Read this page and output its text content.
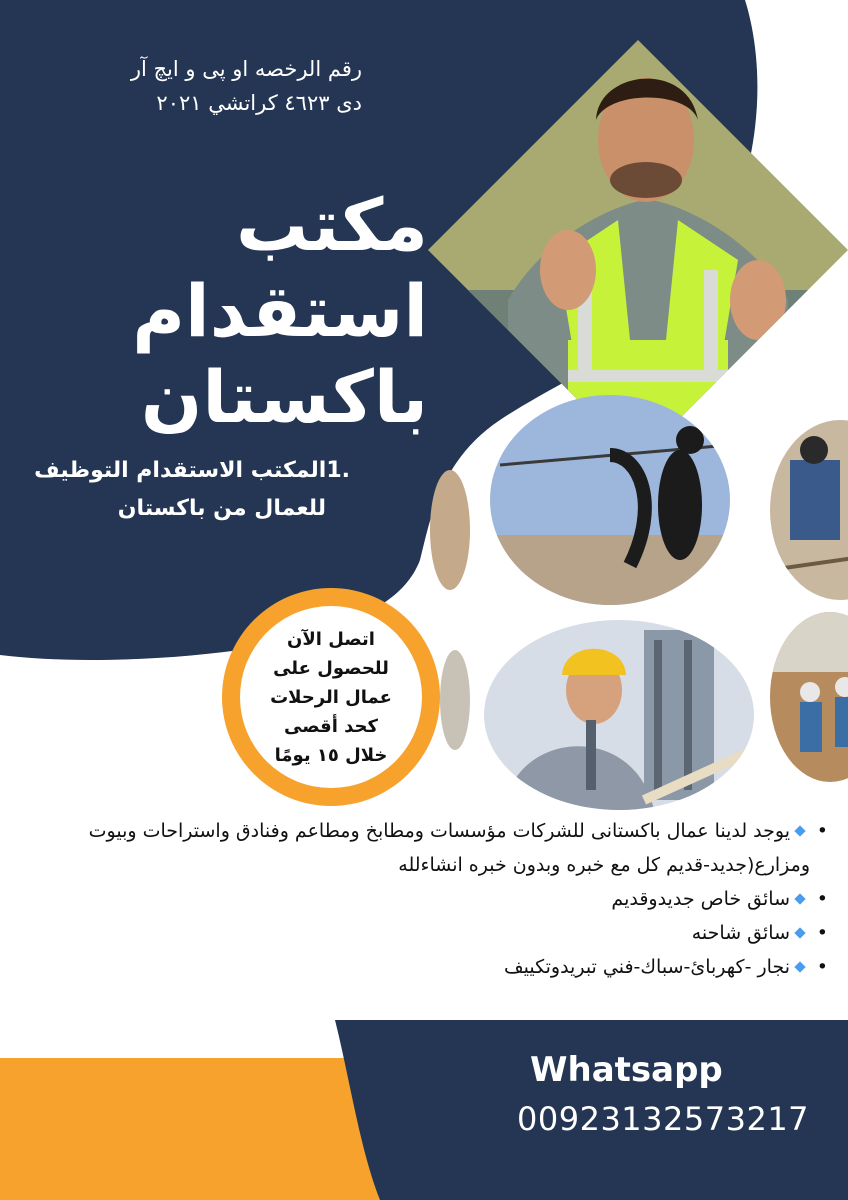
رقم الرخصه او پی و ایچ آر
دی ٤٦٢٣ كراتشي ٢٠٢١
مكتب
استقدام
باكستان
.1المكتب الاستقدام التوظيف
للعمال من باكستان
اتصل الآن
للحصول على
عمال الرحلات
كحد أقصى
خلال ١٥ يومًا
• يوجد لدينا عمال باكستانى للشركات مؤسسات ومطابخ ومطاعم وفنادق واستراحات وبيوت ومزارع(جديد-قديم كل مع خبره وبدون خبره انشاءلله
• سائق خاص جديدوقديم
• سائق شاحنه
• نجار -كهربائ-سباك-فني تبريدوتكييف
Whatsapp
00923132573217
